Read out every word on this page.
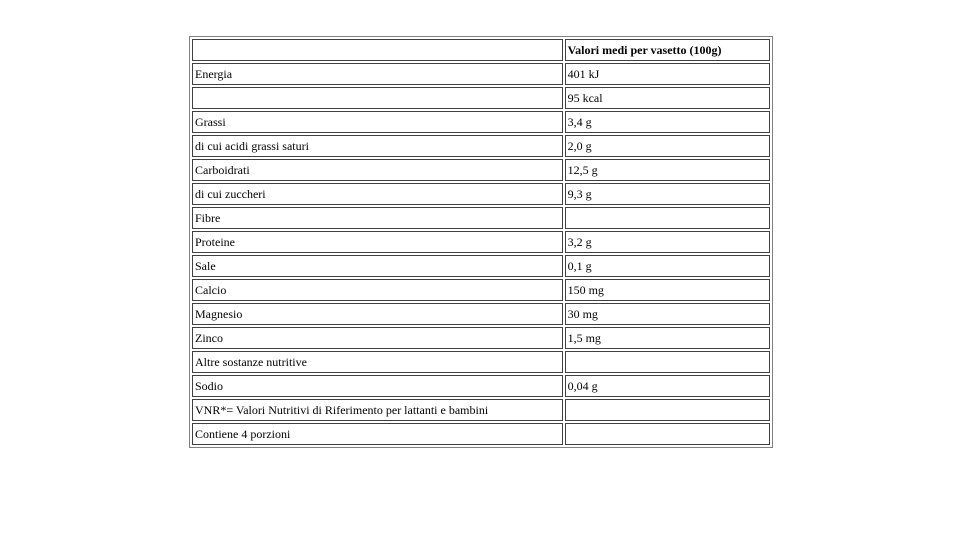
	Valori medi per vasetto (100g)
Energia	401 kJ
	95 kcal
Grassi	3,4 g
di cui acidi grassi saturi	2,0 g
Carboidrati	12,5 g
di cui zuccheri	9,3 g
Fibre	
Proteine	3,2 g
Sale	0,1 g
Calcio	150 mg
Magnesio	30 mg
Zinco	1,5 mg
Altre sostanze nutritive	
Sodio	0,04 g
VNR*= Valori Nutritivi di Riferimento per lattanti e bambini	
Contiene 4 porzioni	
